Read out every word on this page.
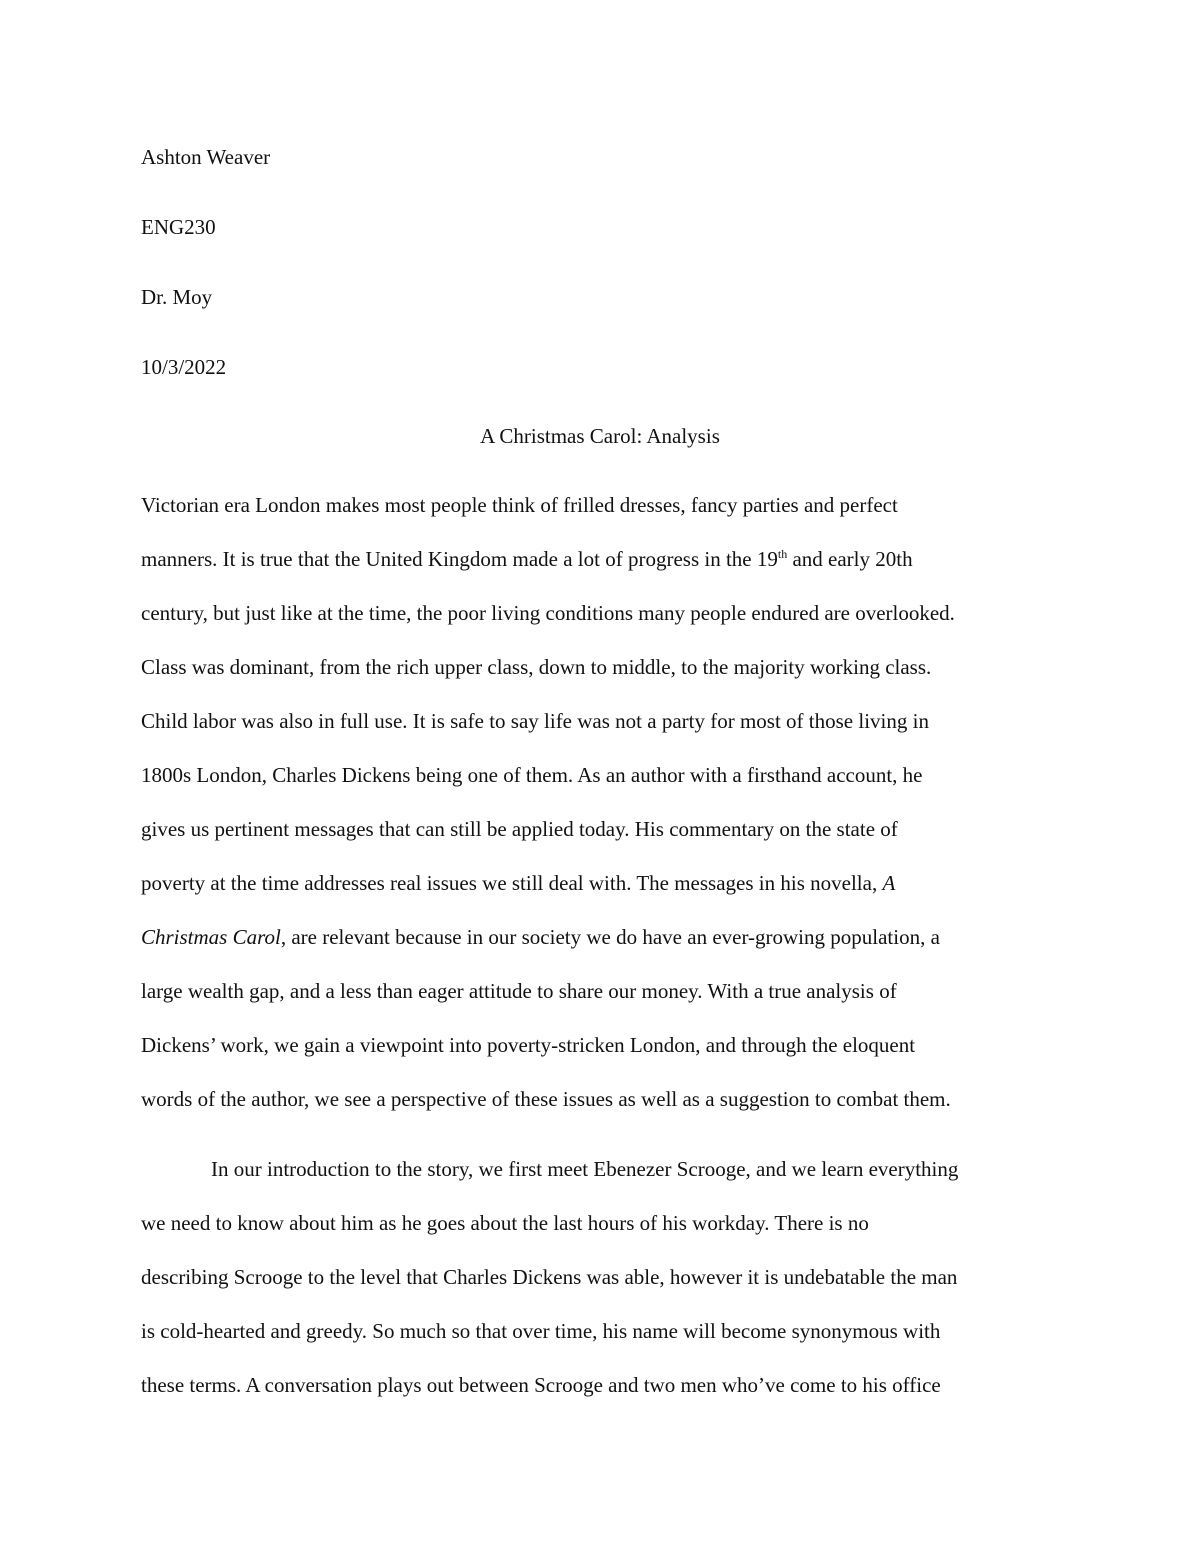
Ashton Weaver
ENG230
Dr. Moy
10/3/2022
A Christmas Carol: Analysis
Victorian era London makes most people think of frilled dresses, fancy parties and perfect
manners. It is true that the United Kingdom made a lot of progress in the 19th and early 20th
century, but just like at the time, the poor living conditions many people endured are overlooked.
Class was dominant, from the rich upper class, down to middle, to the majority working class.
Child labor was also in full use. It is safe to say life was not a party for most of those living in
1800s London, Charles Dickens being one of them. As an author with a firsthand account, he
gives us pertinent messages that can still be applied today. His commentary on the state of
poverty at the time addresses real issues we still deal with. The messages in his novella, A
Christmas Carol, are relevant because in our society we do have an ever-growing population, a
large wealth gap, and a less than eager attitude to share our money. With a true analysis of
Dickens’ work, we gain a viewpoint into poverty-stricken London, and through the eloquent
words of the author, we see a perspective of these issues as well as a suggestion to combat them.
In our introduction to the story, we first meet Ebenezer Scrooge, and we learn everything
we need to know about him as he goes about the last hours of his workday. There is no
describing Scrooge to the level that Charles Dickens was able, however it is undebatable the man
is cold-hearted and greedy. So much so that over time, his name will become synonymous with
these terms. A conversation plays out between Scrooge and two men who’ve come to his office
